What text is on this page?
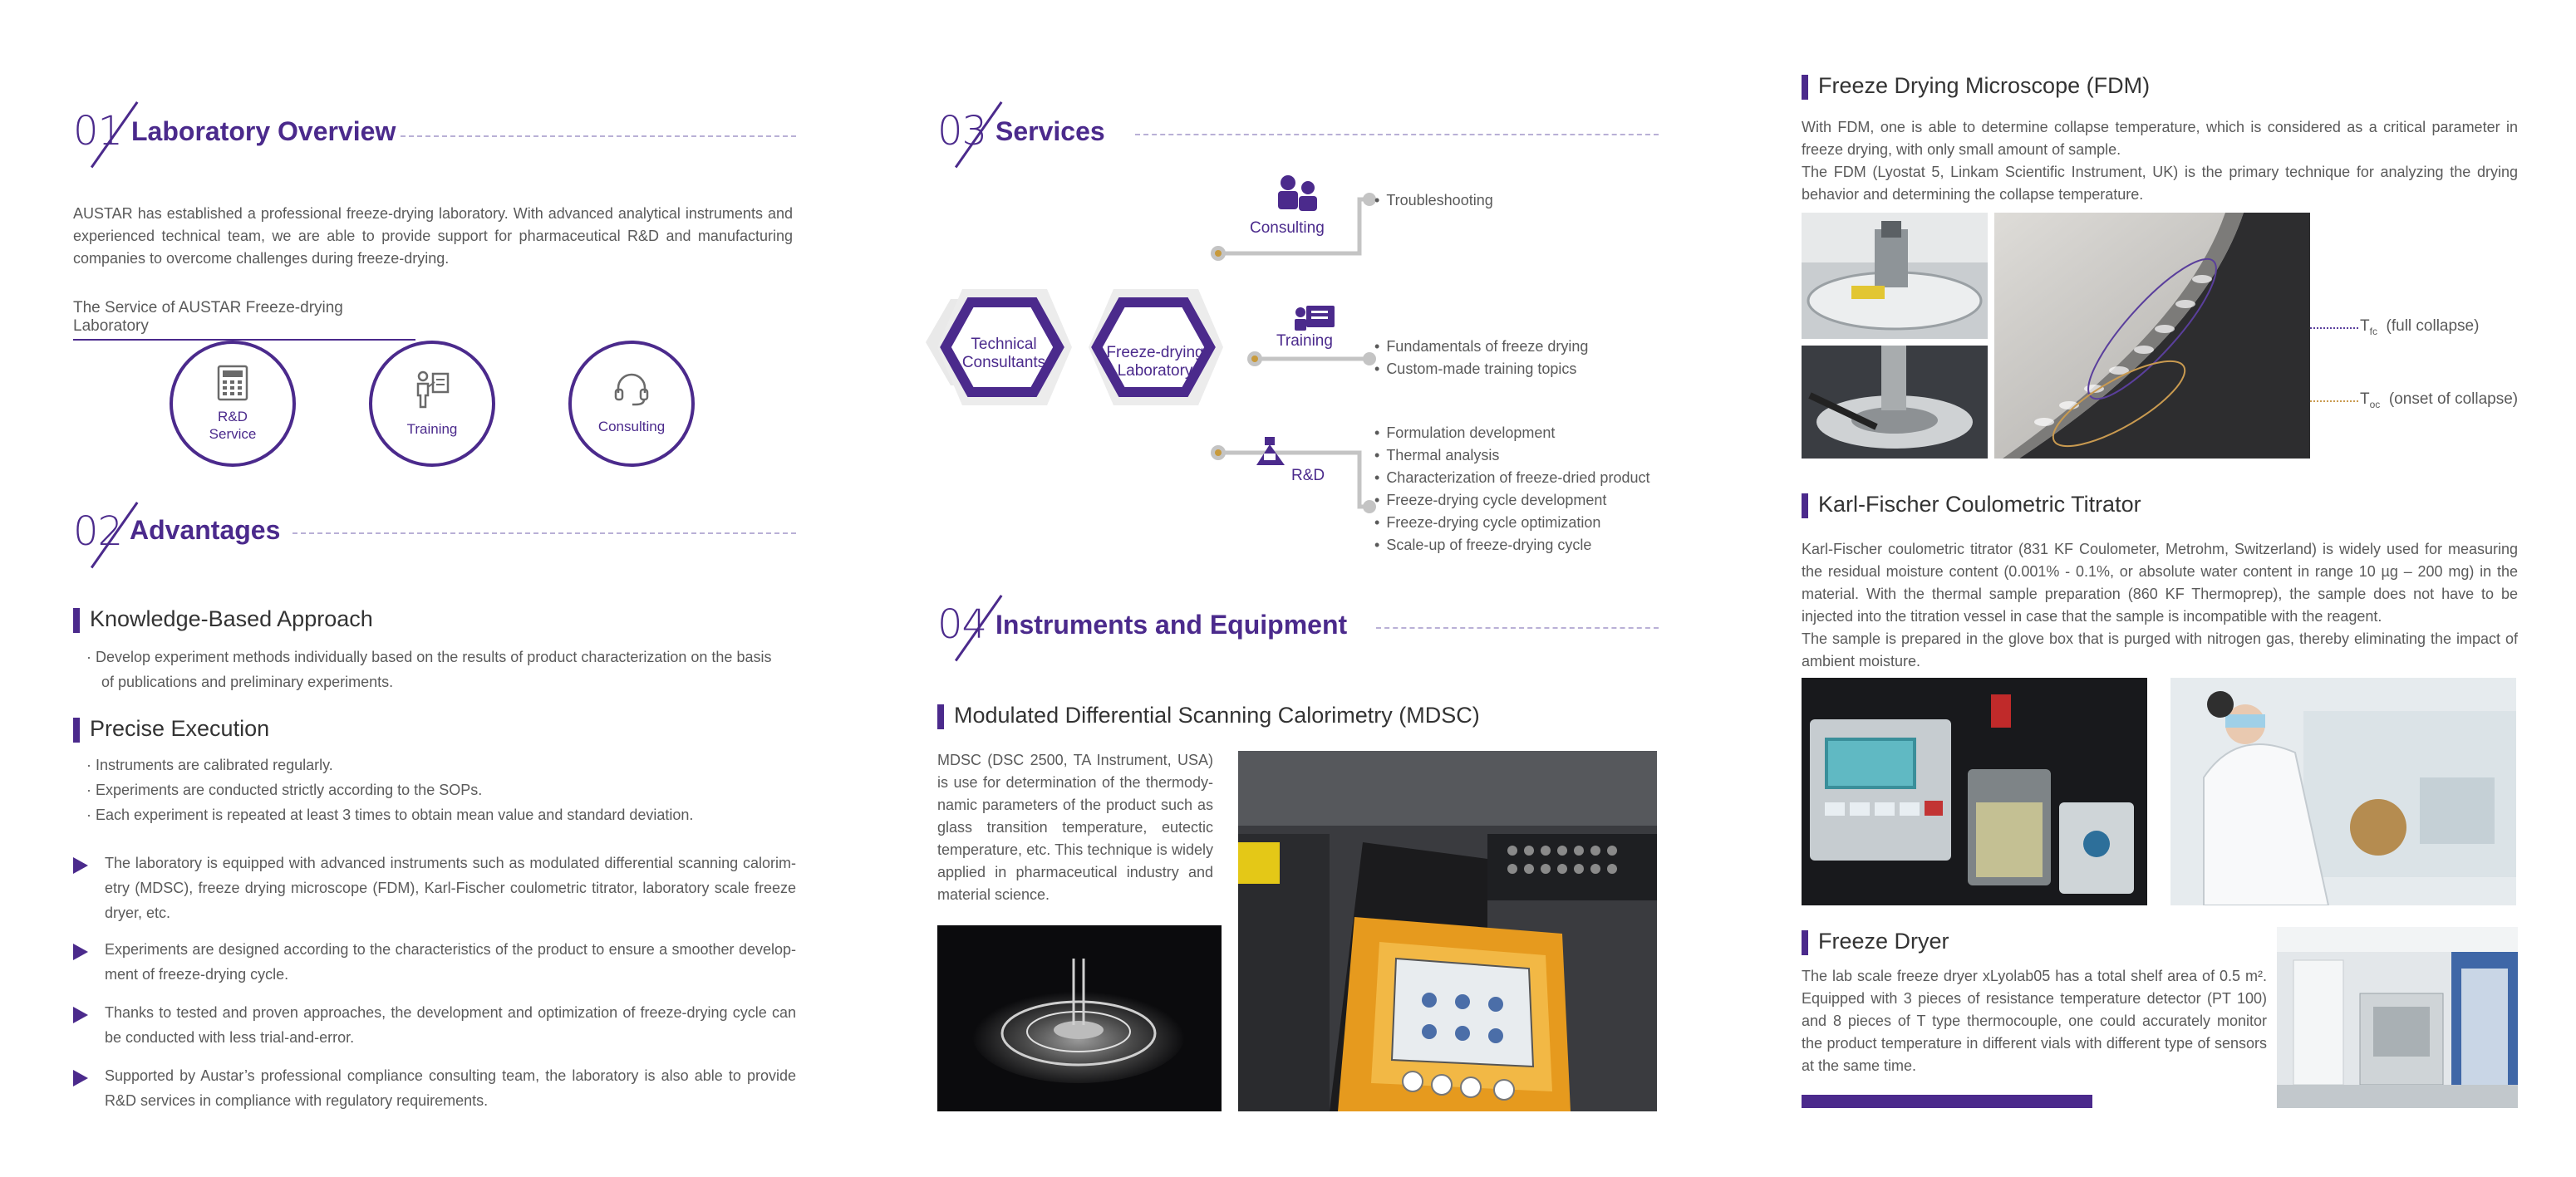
01 Laboratory Overview
AUSTAR has established a professional freeze-drying laboratory. With advanced analytical instruments and experienced technical team, we are able to provide support for pharmaceutical R&D and manufacturing companies to overcome challenges during freeze-drying.
The Service of AUSTAR Freeze-drying Laboratory
R&D
Service	Training	Consulting
02 Advantages
Knowledge-Based Approach
· Develop experiment methods individually based on the results of product characterization on the basis
of publications and preliminary experiments.
Precise Execution
· Instruments are calibrated regularly.
· Experiments are conducted strictly according to the SOPs.
· Each experiment is repeated at least 3 times to obtain mean value and standard deviation.
The laboratory is equipped with advanced instruments such as modulated differential scanning calorim-etry (MDSC), freeze drying microscope (FDM), Karl-Fischer coulometric titrator, laboratory scale freeze dryer, etc.
Experiments are designed according to the characteristics of the product to ensure a smoother develop-ment of freeze-drying cycle.
Thanks to tested and proven approaches, the development and optimization of freeze-drying cycle can be conducted with less trial-and-error.
Supported by Austar’s professional compliance consulting team, the laboratory is also able to provide R&D services in compliance with regulatory requirements.
03 Services
Technical
Consultants
Freeze-drying
Laboratory
Consulting
Training
R&D
• Troubleshooting
• Fundamentals of freeze drying
• Custom-made training topics
• Formulation development
• Thermal analysis
• Characterization of freeze-dried product
• Freeze-drying cycle development
• Freeze-drying cycle optimization
• Scale-up of freeze-drying cycle
04 Instruments and Equipment
Modulated Differential Scanning Calorimetry (MDSC)
MDSC (DSC 2500, TA Instrument, USA) is use for determination of the thermody-namic parameters of the product such as glass transition temperature, eutectic temperature, etc. This technique is widely applied in pharmaceutical industry and material science.
Freeze Drying Microscope (FDM)
With FDM, one is able to determine collapse temperature, which is considered as a critical parameter in freeze drying, with only small amount of sample.
The FDM (Lyostat 5, Linkam Scientific Instrument, UK) is the primary technique for analyzing the drying behavior and determining the collapse temperature.
$T_{fc}$ (full collapse)
$T_{oc}$ (onset of collapse)
Karl-Fischer Coulometric Titrator
Karl-Fischer coulometric titrator (831 KF Coulometer, Metrohm, Switzerland) is widely used for measuring the residual moisture content (0.001% - 0.1%, or absolute water content in range 10 µg – 200 mg) in the material. With the thermal sample preparation (860 KF Thermoprep), the sample does not have to be injected into the titration vessel in case that the sample is incompatible with the reagent.
The sample is prepared in the glove box that is purged with nitrogen gas, thereby eliminating the impact of ambient moisture.
Freeze Dryer
The lab scale freeze dryer xLyolab05 has a total shelf area of 0.5 m². Equipped with 3 pieces of resistance temperature detector (PT 100) and 8 pieces of T type thermocouple, one could accurately monitor the product temperature in different vials with different type of sensors at the same time.
